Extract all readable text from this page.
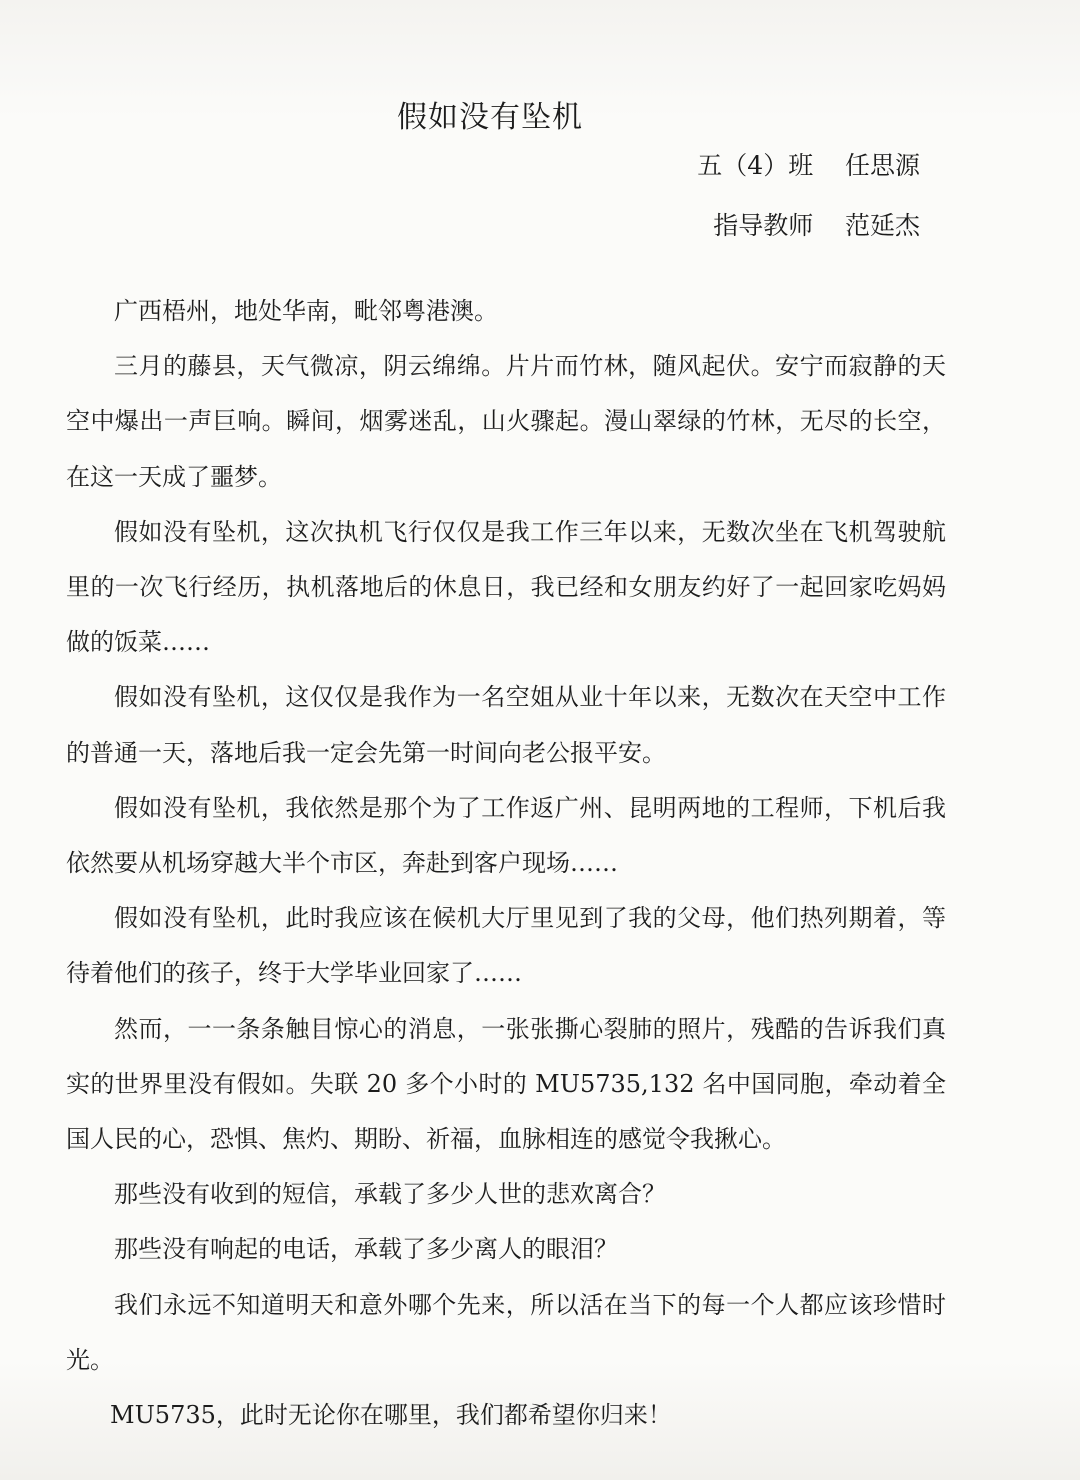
假如没有坠机
五（4）班    任思源
指导教师    范延杰

广西梧州，地处华南，毗邻粤港澳。

三月的藤县，天气微凉，阴云绵绵。片片而竹林，随风起伏。安宁而寂静的天空中爆出一声巨响。瞬间，烟雾迷乱，山火骤起。漫山翠绿的竹林，无尽的长空，在这一天成了噩梦。

假如没有坠机，这次执机飞行仅仅是我工作三年以来，无数次坐在飞机驾驶航里的一次飞行经历，执机落地后的休息日，我已经和女朋友约好了一起回家吃妈妈做的饭菜……

假如没有坠机，这仅仅是我作为一名空姐从业十年以来，无数次在天空中工作的普通一天，落地后我一定会先第一时间向老公报平安。

假如没有坠机，我依然是那个为了工作返广州、昆明两地的工程师，下机后我依然要从机场穿越大半个市区，奔赴到客户现场……

假如没有坠机，此时我应该在候机大厅里见到了我的父母，他们热列期着，等待着他们的孩子，终于大学毕业回家了……

然而，一一条条触目惊心的消息，一张张撕心裂肺的照片，残酷的告诉我们真实的世界里没有假如。失联 20 多个小时的 MU5735,132 名中国同胞，牵动着全国人民的心，恐惧、焦灼、期盼、祈福，血脉相连的感觉令我揪心。

那些没有收到的短信，承载了多少人世的悲欢离合？

那些没有响起的电话，承载了多少离人的眼泪？

我们永远不知道明天和意外哪个先来，所以活在当下的每一个人都应该珍惜时光。

MU5735，此时无论你在哪里，我们都希望你归来！
